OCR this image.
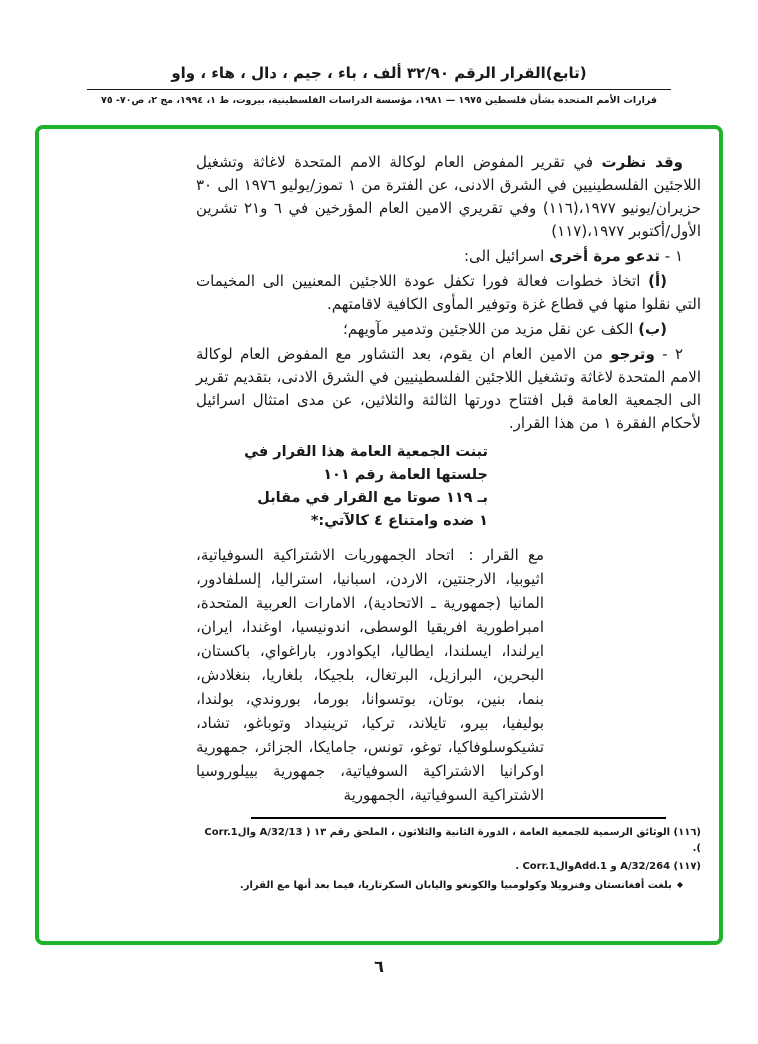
(تابع)القرار الرقم ٣٢/٩٠ ألف ، باء ، جيم ، دال ، هاء ، واو
قرارات الأمم المتحدة بشأن فلسطين ١٩٧٥ — ١٩٨١، مؤسسة الدراسات الفلسطينية، بيروت، ط ١، ١٩٩٤، مج ٢، ص٧٠- ٧٥

وقد نظرت في تقرير المفوض العام لوكالة الامم المتحدة لاغاثة وتشغيل اللاجئين الفلسطينيين في الشرق الادنى، عن الفترة من ١ تموز/يوليو ١٩٧٦ الى ٣٠ حزيران/يونيو ١٩٧٧،(١١٦) وفي تقريري الامين العام المؤرخين في ٦ و٢١ تشرين الأول/أكتوبر ١٩٧٧،(١١٧)

١ - تدعو مرة أخرى اسرائيل الى:

(أ) اتخاذ خطوات فعالة فورا تكفل عودة اللاجئين المعنيين الى المخيمات التي نقلوا منها في قطاع غزة وتوفير المأوى الكافية لاقامتهم.

(ب) الكف عن نقل مزيد من اللاجئين وتدمير مآويهم؛

٢ - وترجو من الامين العام ان يقوم، بعد التشاور مع المفوض العام لوكالة الامم المتحدة لاغاثة وتشغيل اللاجئين الفلسطينيين في الشرق الادنى، بتقديم تقرير الى الجمعية العامة قبل افتتاح دورتها الثالثة والثلاثين، عن مدى امتثال اسرائيل لأحكام الفقرة ١ من هذا القرار.

تبنت الجمعية العامة هذا القرار في
جلستها العامة رقم ١٠١
بـ ١١٩ صوتا مع القرار في مقابل
١ ضده وامتناع ٤ كالآتي:*
مع القرار :اتحاد الجمهوريات الاشتراكية السوفياتية، اثيوبيا، الارجنتين، الاردن، اسبانيا، استراليا، إلسلفادور، المانيا (جمهورية ـ الاتحادية)، الامارات العربية المتحدة، امبراطورية افريقيا الوسطى، اندونيسيا، اوغندا، ايران، ايرلندا، ايسلندا، ايطاليا، ايكوادور، باراغواي، باكستان، البحرين، البرازيل، البرتغال، بلجيكا، بلغاريا، بنغلادش، بنما، بنين، بوتان، بوتسوانا، بورما، بوروندي، بولندا، بوليفيا، بيرو، تايلاند، تركيا، ترينيداد وتوباغو، تشاد، تشيكوسلوفاكيا، توغو، تونس، جامايكا، الجزائر، جمهورية اوكرانيا الاشتراكية السوفياتية، جمهورية بييلوروسيا الاشتراكية السوفياتية، الجمهورية
(١١٦) الوثائق الرسمية للجمعية العامة ، الدورة الثانية والثلاثون ، الملحق رقم ١٣ ( A/32/13 والCorr.1 ).
(١١٧) A/32/264 و Add.1والCorr.1 .
◆بلغت أفغانستان وفنزويلا وكولومبيا والكونغو واليابان السكرتاريا، فيما بعد أنها مع القرار.
٦
